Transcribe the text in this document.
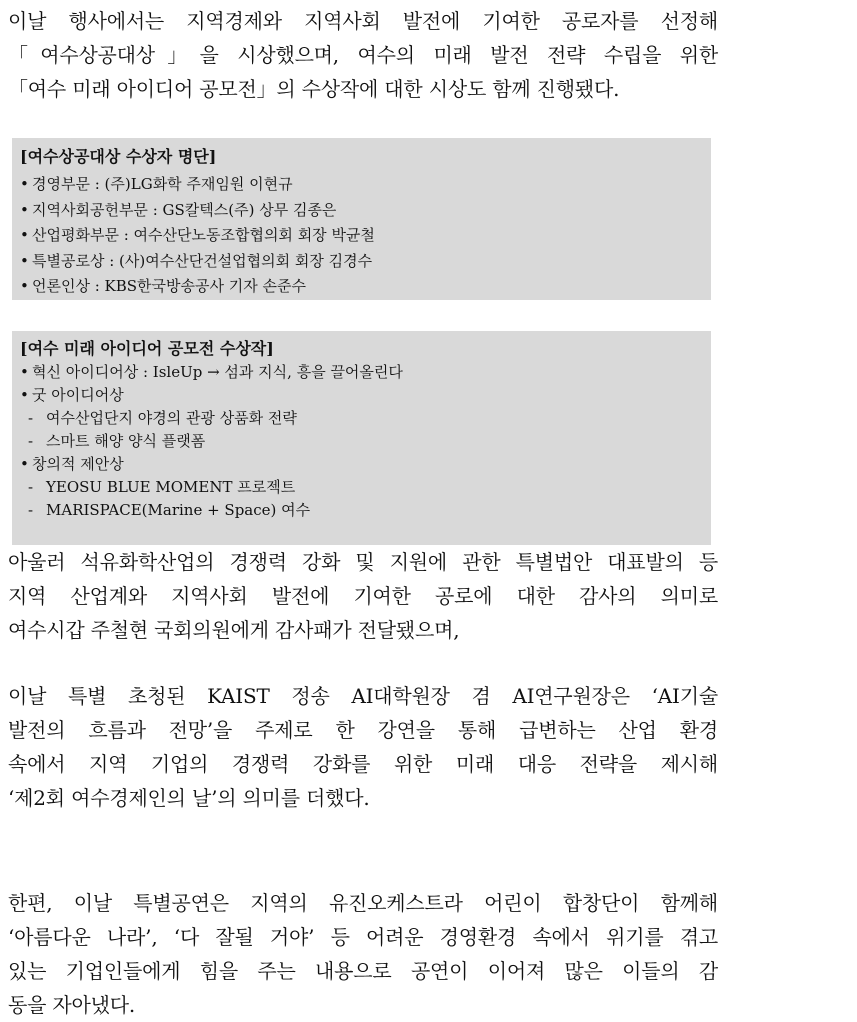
이날 행사에서는 지역경제와 지역사회 발전에 기여한 공로자를 선정해
「여수상공대상」을 시상했으며, 여수의 미래 발전 전략 수립을 위한
「여수 미래 아이디어 공모전」의 수상작에 대한 시상도 함께 진행됐다.

[여수상공대상 수상자 명단]

• 경영부문 : (주)LG화학 주재임원 이현규
• 지역사회공헌부문 : GS칼텍스(주) 상무 김종은
• 산업평화부문 : 여수산단노동조합협의회 회장 박균철
• 특별공로상 : (사)여수산단건설업협의회 회장 김경수
• 언론인상 : KBS한국방송공사 기자 손준수

[여수 미래 아이디어 공모전 수상작]

• 혁신 아이디어상 : IsleUp → 섬과 지식, 흥을 끌어올린다
• 굿 아이디어상
- 여수산업단지 야경의 관광 상품화 전략
- 스마트 해양 양식 플랫폼
• 창의적 제안상
- YEOSU BLUE MOMENT 프로젝트
- MARISPACE(Marine + Space) 여수

아울러 석유화학산업의 경쟁력 강화 및 지원에 관한 특별법안 대표발의 등
지역 산업계와 지역사회 발전에 기여한 공로에 대한 감사의 의미로
여수시갑 주철현 국회의원에게 감사패가 전달됐으며,

이날 특별 초청된 KAIST 정송 AI대학원장 겸 AI연구원장은 ‘AI기술
발전의 흐름과 전망’을 주제로 한 강연을 통해 급변하는 산업 환경
속에서 지역 기업의 경쟁력 강화를 위한 미래 대응 전략을 제시해
‘제2회 여수경제인의 날’의 의미를 더했다.

한편, 이날 특별공연은 지역의 유진오케스트라 어린이 합창단이 함께해
‘아름다운 나라’, ‘다 잘될 거야’ 등 어려운 경영환경 속에서 위기를 겪고
있는 기업인들에게 힘을 주는 내용으로 공연이 이어져 많은 이들의 감
동을 자아냈다.
